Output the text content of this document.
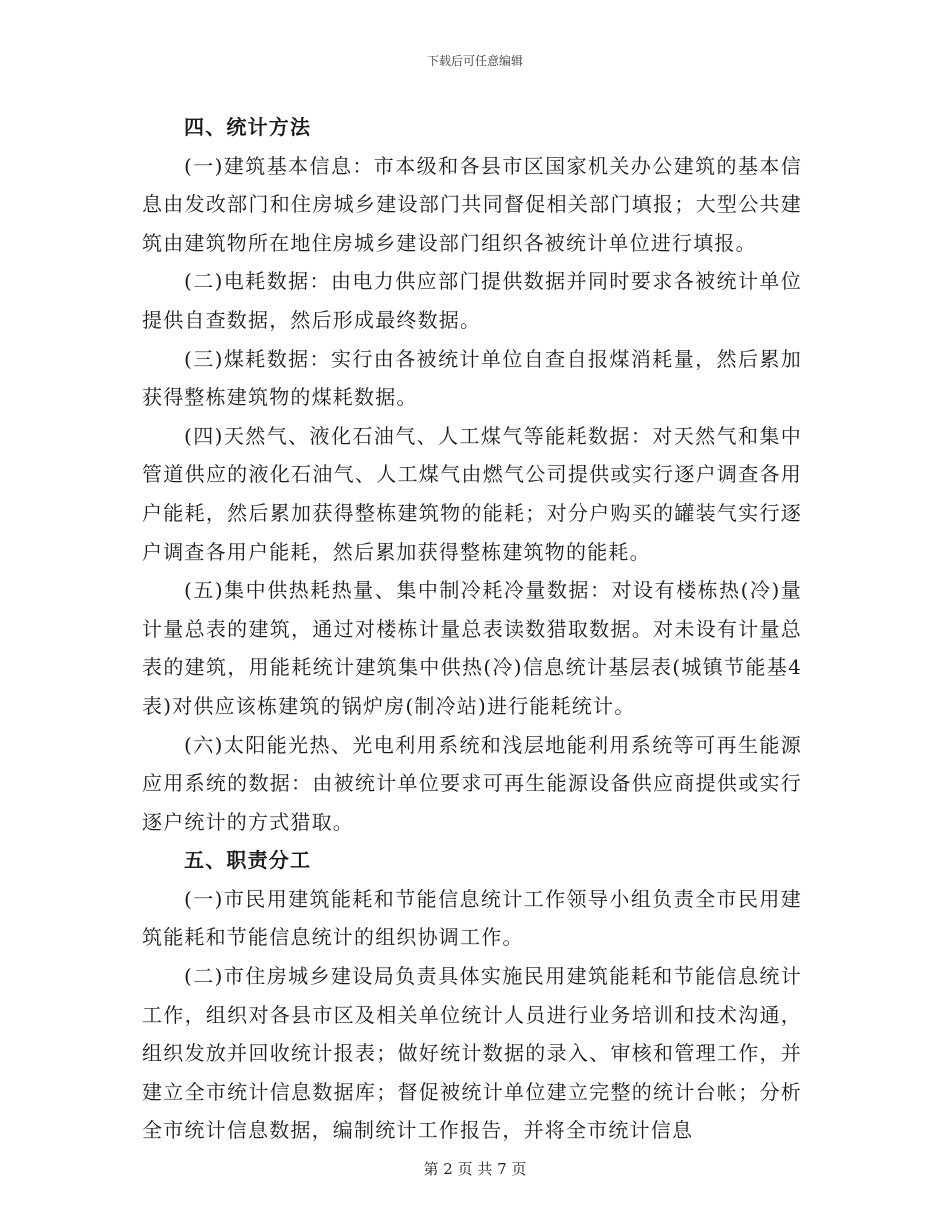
下载后可任意编辑
四、统计方法

(一)建筑基本信息：市本级和各县市区国家机关办公建筑的基本信息由发改部门和住房城乡建设部门共同督促相关部门填报；大型公共建筑由建筑物所在地住房城乡建设部门组织各被统计单位进行填报。

(二)电耗数据：由电力供应部门提供数据并同时要求各被统计单位提供自查数据，然后形成最终数据。

(三)煤耗数据：实行由各被统计单位自查自报煤消耗量，然后累加获得整栋建筑物的煤耗数据。

(四)天然气、液化石油气、人工煤气等能耗数据：对天然气和集中管道供应的液化石油气、人工煤气由燃气公司提供或实行逐户调查各用户能耗，然后累加获得整栋建筑物的能耗；对分户购买的罐装气实行逐户调查各用户能耗，然后累加获得整栋建筑物的能耗。

(五)集中供热耗热量、集中制冷耗冷量数据：对设有楼栋热(冷)量计量总表的建筑，通过对楼栋计量总表读数猎取数据。对未设有计量总表的建筑，用能耗统计建筑集中供热(冷)信息统计基层表(城镇节能基4表)对供应该栋建筑的锅炉房(制冷站)进行能耗统计。

(六)太阳能光热、光电利用系统和浅层地能利用系统等可再生能源应用系统的数据：由被统计单位要求可再生能源设备供应商提供或实行逐户统计的方式猎取。

五、职责分工

(一)市民用建筑能耗和节能信息统计工作领导小组负责全市民用建筑能耗和节能信息统计的组织协调工作。

(二)市住房城乡建设局负责具体实施民用建筑能耗和节能信息统计工作，组织对各县市区及相关单位统计人员进行业务培训和技术沟通，组织发放并回收统计报表；做好统计数据的录入、审核和管理工作，并建立全市统计信息数据库；督促被统计单位建立完整的统计台帐；分析全市统计信息数据，编制统计工作报告，并将全市统计信息

第 2 页 共 7 页
